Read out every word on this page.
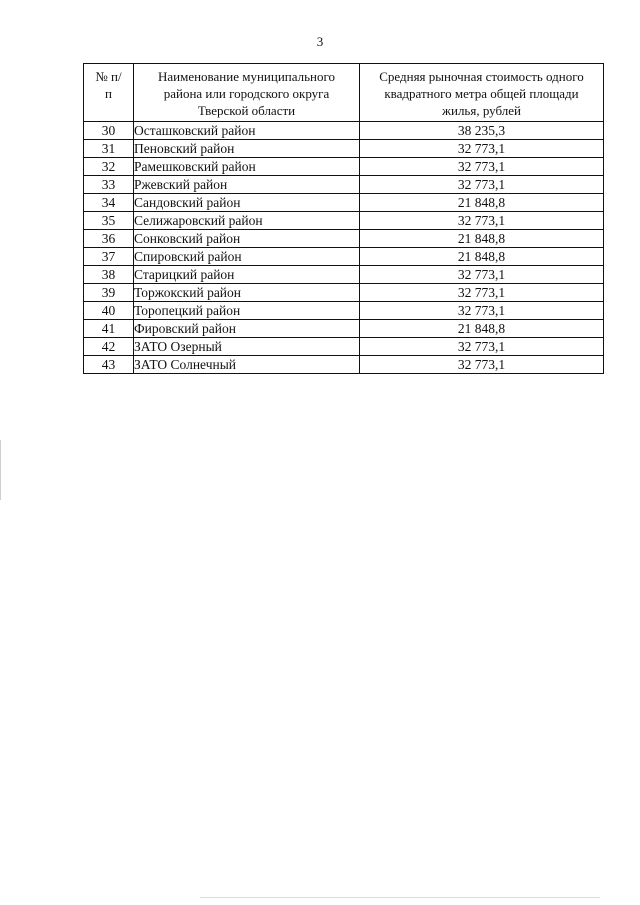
3
№ п/п	Наименование муниципального района или городского округа Тверской области	Средняя рыночная стоимость одного квадратного метра общей площади жилья, рублей

30	Осташковский район	38 235,3
31	Пеновский район	32 773,1
32	Рамешковский район	32 773,1
33	Ржевский район	32 773,1
34	Сандовский район	21 848,8
35	Селижаровский район	32 773,1
36	Сонковский район	21 848,8
37	Спировский район	21 848,8
38	Старицкий район	32 773,1
39	Торжокский район	32 773,1
40	Торопецкий район	32 773,1
41	Фировский район	21 848,8
42	ЗАТО Озерный	32 773,1
43	ЗАТО Солнечный	32 773,1
